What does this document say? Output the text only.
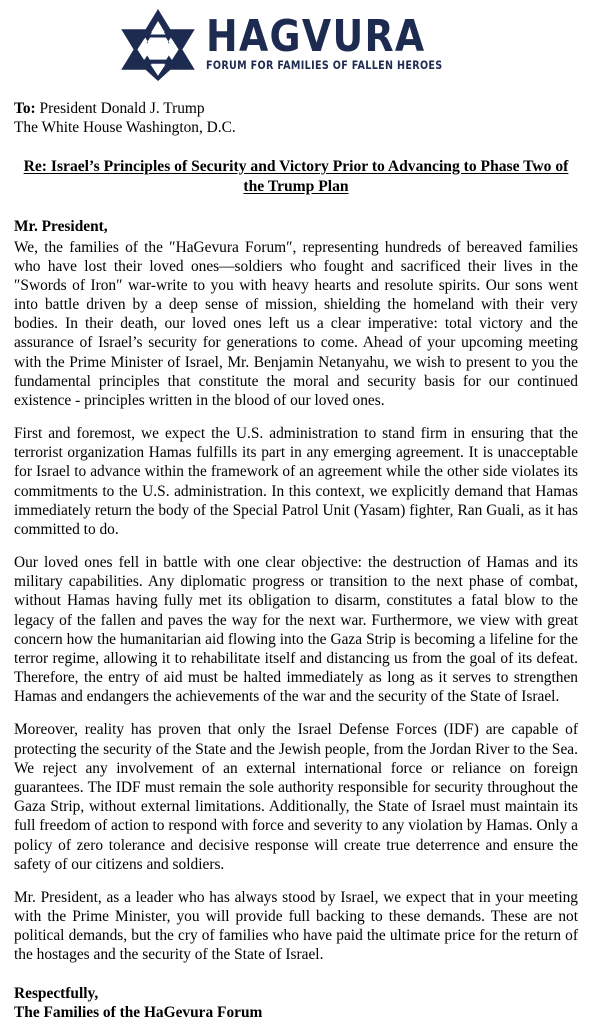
HAGVURA
FORUM FOR FAMILIES OF FALLEN HEROES
To: President Donald J. Trump
The White House Washington, D.C.
Re: Israel’s Principles of Security and Victory Prior to Advancing to Phase Two of the Trump Plan
Mr. President,

We, the families of the ″HaGevura Forum″, representing hundreds of bereaved families who have lost their loved ones—soldiers who fought and sacrificed their lives in the ″Swords of Iron″ war-write to you with heavy hearts and resolute spirits. Our sons went into battle driven by a deep sense of mission, shielding the homeland with their very bodies. In their death, our loved ones left us a clear imperative: total victory and the assurance of Israel’s security for generations to come. Ahead of your upcoming meeting with the Prime Minister of Israel, Mr. Benjamin Netanyahu, we wish to present to you the fundamental principles that constitute the moral and security basis for our continued existence - principles written in the blood of our loved ones.

First and foremost, we expect the U.S. administration to stand firm in ensuring that the terrorist organization Hamas fulfills its part in any emerging agreement. It is unacceptable for Israel to advance within the framework of an agreement while the other side violates its commitments to the U.S. administration. In this context, we explicitly demand that Hamas immediately return the body of the Special Patrol Unit (Yasam) fighter, Ran Guali, as it has committed to do.

Our loved ones fell in battle with one clear objective: the destruction of Hamas and its military capabilities. Any diplomatic progress or transition to the next phase of combat, without Hamas having fully met its obligation to disarm, constitutes a fatal blow to the legacy of the fallen and paves the way for the next war. Furthermore, we view with great concern how the humanitarian aid flowing into the Gaza Strip is becoming a lifeline for the terror regime, allowing it to rehabilitate itself and distancing us from the goal of its defeat. Therefore, the entry of aid must be halted immediately as long as it serves to strengthen Hamas and endangers the achievements of the war and the security of the State of Israel.

Moreover, reality has proven that only the Israel Defense Forces (IDF) are capable of protecting the security of the State and the Jewish people, from the Jordan River to the Sea. We reject any involvement of an external international force or reliance on foreign guarantees. The IDF must remain the sole authority responsible for security throughout the Gaza Strip, without external limitations. Additionally, the State of Israel must maintain its full freedom of action to respond with force and severity to any violation by Hamas. Only a policy of zero tolerance and decisive response will create true deterrence and ensure the safety of our citizens and soldiers.

Mr. President, as a leader who has always stood by Israel, we expect that in your meeting with the Prime Minister, you will provide full backing to these demands. These are not political demands, but the cry of families who have paid the ultimate price for the return of the hostages and the security of the State of Israel.

Respectfully,
The Families of the HaGevura Forum
